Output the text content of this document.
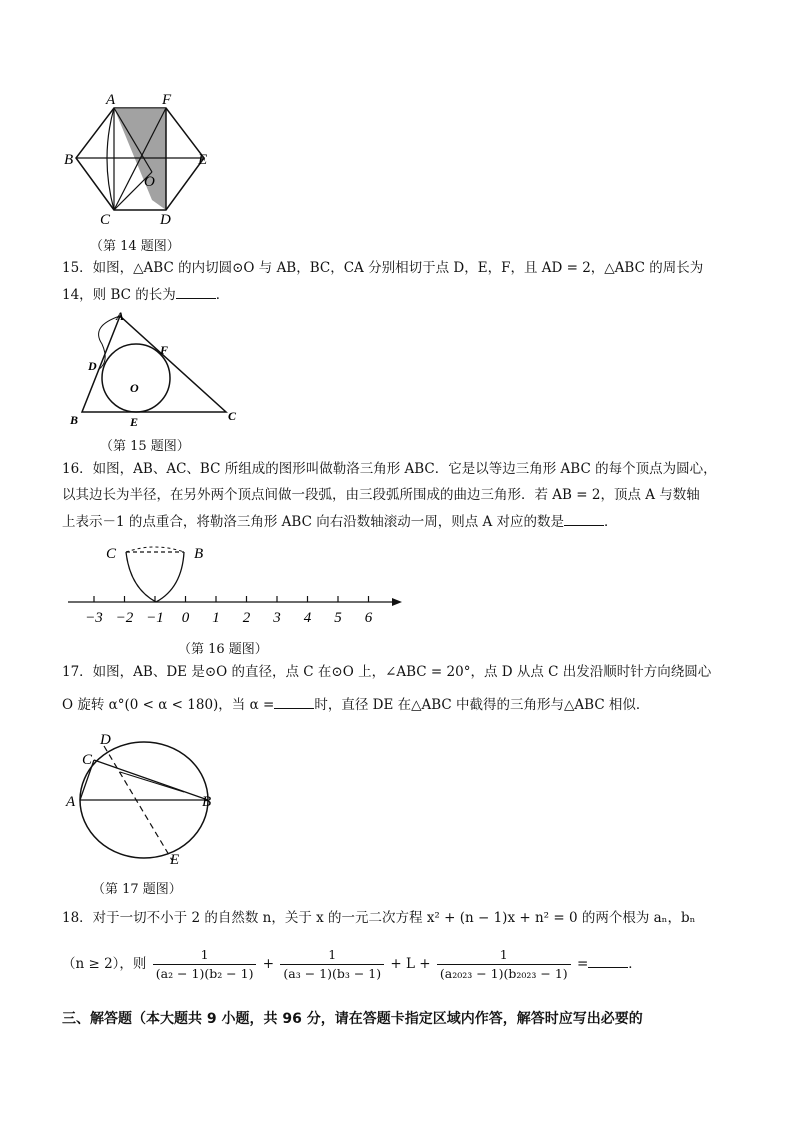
A	F
B	E
O
C	D
（第 14 题图）
15．如图，△ABC 的内切圆⊙O 与 AB，BC，CA 分别相切于点 D，E，F，且 AD = 2，△ABC 的周长为
14，则 BC 的长为	．
A
D
F
O
B	E	C
（第 15 题图）
16．如图，AB、AC、BC 所组成的图形叫做勒洛三角形 ABC．它是以等边三角形 ABC 的每个顶点为圆心，
以其边长为半径，在另外两个顶点间做一段弧，由三段弧所围成的曲边三角形．若 AB = 2，顶点 A 与数轴
上表示－1 的点重合，将勒洛三角形 ABC 向右沿数轴滚动一周，则点 A 对应的数是	．
C	B
−3 −2 −1 0 1 2 3 4 5 6
（第 16 题图）
17．如图，AB、DE 是⊙O 的直径，点 C 在⊙O 上，∠ABC = 20°，点 D 从点 C 出发沿顺时针方向绕圆心
O 旋转 α°(0 < α < 180)，当 α =	时，直径 DE 在△ABC 中截得的三角形与△ABC 相似．
D
C
A	B
E
（第 17 题图）
18．对于一切不小于 2 的自然数 n，关于 x 的一元二次方程 x² + (n − 1)x + n² = 0 的两个根为 aₙ，bₙ
（n ≥ 2），则 $\frac{1}{\text{(a₂ − 1)(b₂ − 1)}} + \frac{1}{\text{(a₃ − 1)(b₃ − 1)}} + L + \frac{1}{\text{(a₂₀₂₃ − 1)(b₂₀₂₃ − 1)}}$ =	．
三、解答题（本大题共 9 小题，共 96 分，请在答题卡指定区域内作答，解答时应写出必要的
